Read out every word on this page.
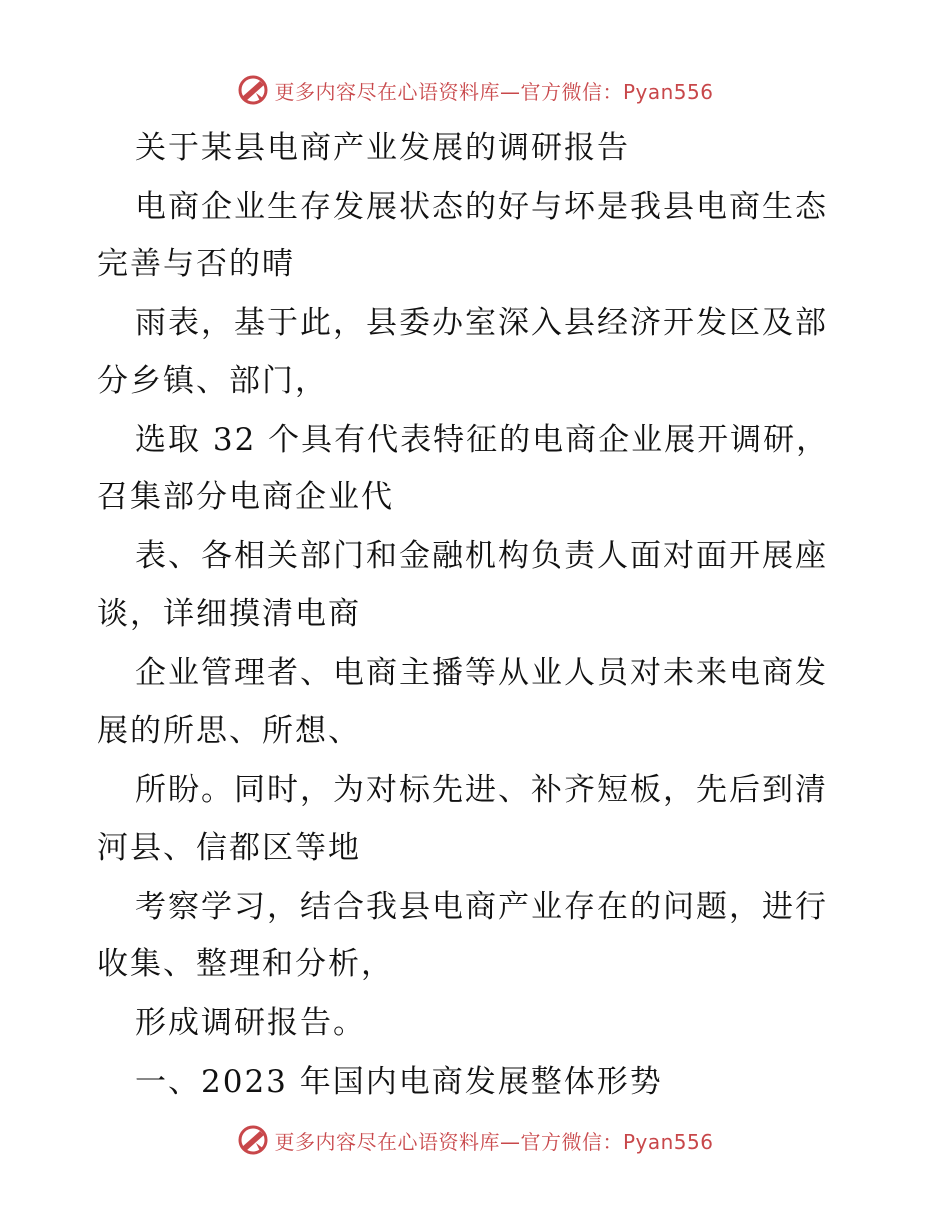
更多内容尽在心语资料库—官方微信：Pyan556
关于某县电商产业发展的调研报告
电商企业生存发展状态的好与坏是我县电商生态
完善与否的晴
雨表，基于此，县委办室深入县经济开发区及部
分乡镇、部门，
选取 32 个具有代表特征的电商企业展开调研，
召集部分电商企业代
表、各相关部门和金融机构负责人面对面开展座
谈，详细摸清电商
企业管理者、电商主播等从业人员对未来电商发
展的所思、所想、
所盼。同时，为对标先进、补齐短板，先后到清
河县、信都区等地
考察学习，结合我县电商产业存在的问题，进行
收集、整理和分析，
形成调研报告。
一、2023 年国内电商发展整体形势
更多内容尽在心语资料库—官方微信：Pyan556
